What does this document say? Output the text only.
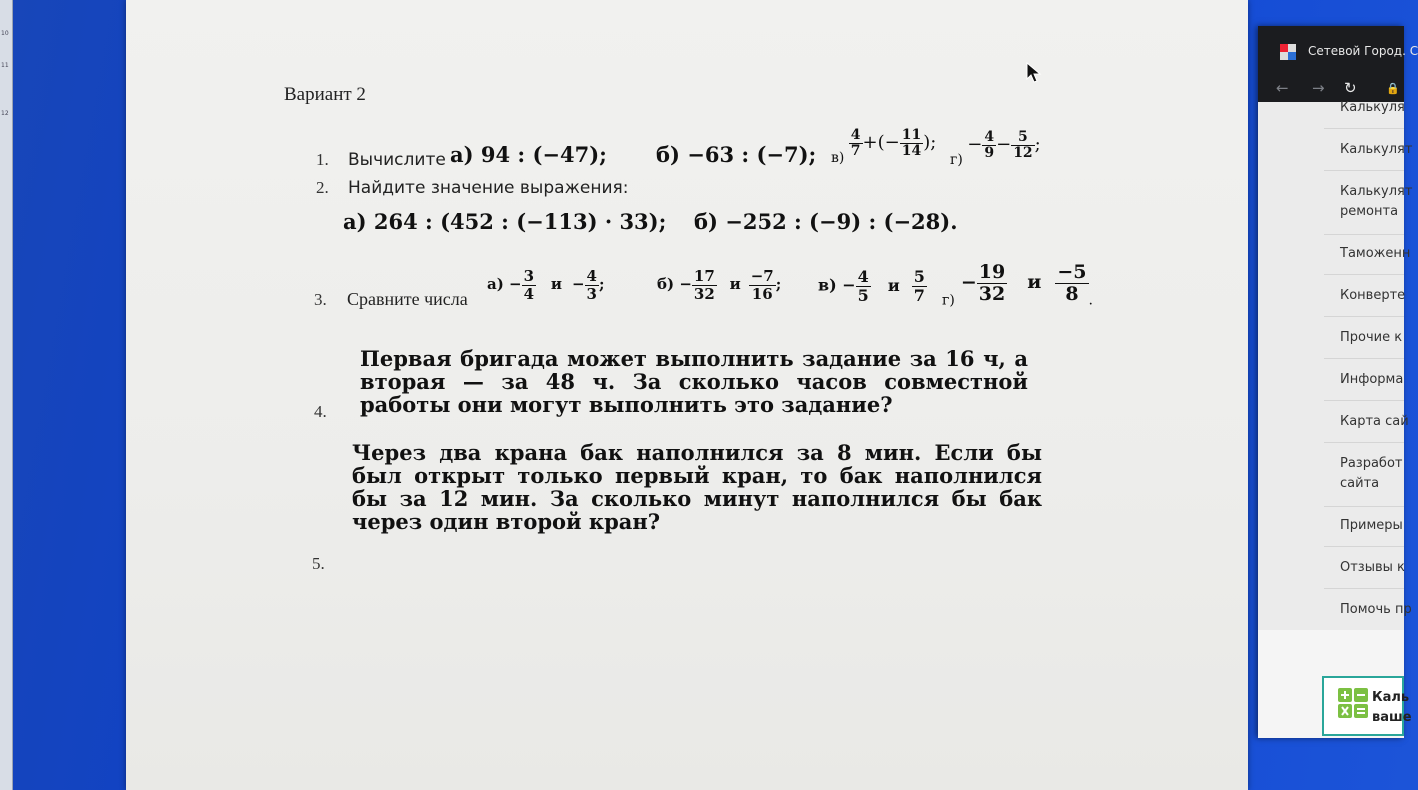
10
11
12
Вариант 2
1. Вычислите а) 94 : (−47); б) −63 : (−7); $в) \frac{4}{7}$ +(− $\frac{11}{14}$ );
$г) - \frac{4}{9} - \frac{5}{12}$ ;
2. Найдите значение выражения:
а) 264 : (452 : (−113) · 33); б) −252 : (−9) : (−28).
3. Сравните числа
$а) - \frac{3}{4}$ $и - \frac{4}{3}$ ;	$б) - \frac{17}{32}$ и $\frac{-7}{16}$ ; $в) - \frac{4}{5}$ и $\frac{5}{7} _{г)} - \frac{19}{32}$ и $\frac{-5}{8} _.$
4.
Первая бригада может выполнить задание за 16 ч, а вторая — за 48 ч. За сколько часов совместной работы они могут выполнить это задание?
Через два крана бак наполнился за 8 мин. Если бы был открыт только первый кран, то бак наполнился бы за 12 мин. За сколько минут наполнился бы бак через один второй кран?
5.
Сетевой Город. С
← → ↻	🔒
Калькуля
Калькулят
Калькулят
ремонта
Таможенн
Конверте
Прочие к
Информа
Карта сай
Разработ
сайта
Примеры
Отзывы к
Помочь пр
Каль
ваше
